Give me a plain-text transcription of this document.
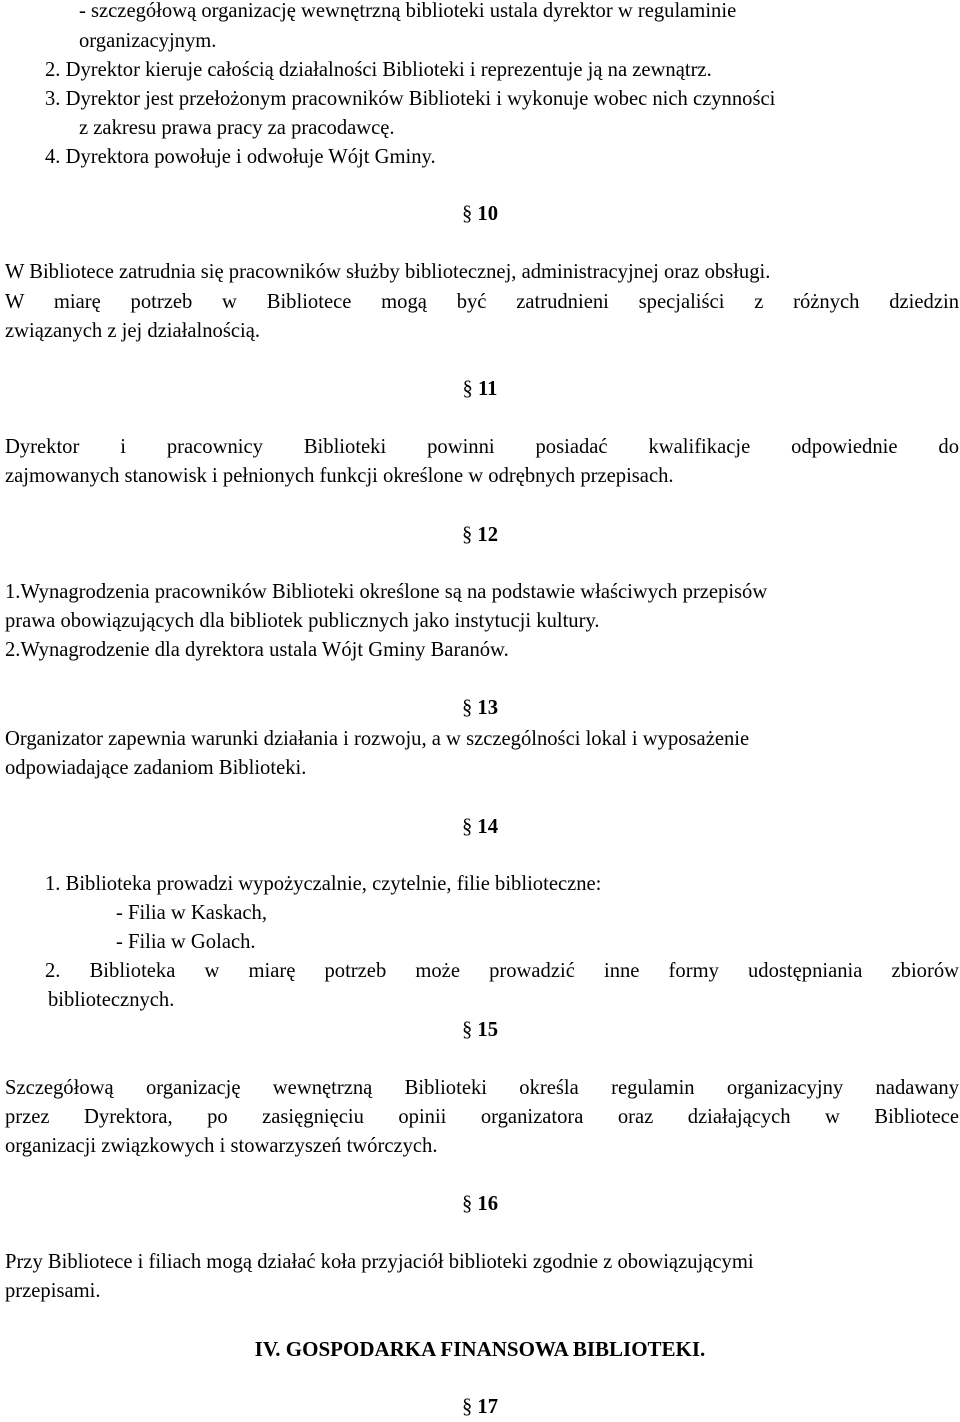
- szczegółową organizację wewnętrzną biblioteki ustala dyrektor w regulaminie
organizacyjnym.
2. Dyrektor kieruje całością działalności Biblioteki i reprezentuje ją na zewnątrz.
3. Dyrektor jest przełożonym pracowników Biblioteki i wykonuje wobec nich czynności
z zakresu prawa pracy za pracodawcę.
4. Dyrektora powołuje i odwołuje Wójt Gminy.
§ 10
W Bibliotece zatrudnia się pracowników służby bibliotecznej, administracyjnej oraz obsługi.
W miarę potrzeb w Bibliotece mogą być zatrudnieni specjaliści z różnych dziedzin
związanych z jej działalnością.
§ 11
Dyrektor i pracownicy Biblioteki powinni posiadać kwalifikacje odpowiednie do
zajmowanych stanowisk i pełnionych funkcji określone w odrębnych przepisach.
§ 12
1.Wynagrodzenia pracowników Biblioteki określone są na podstawie właściwych przepisów
prawa obowiązujących dla bibliotek publicznych jako instytucji kultury.
2.Wynagrodzenie dla dyrektora ustala Wójt Gminy Baranów.
§ 13
Organizator zapewnia warunki działania i rozwoju, a w szczególności lokal i wyposażenie
odpowiadające zadaniom Biblioteki.
§ 14
1. Biblioteka prowadzi wypożyczalnie, czytelnie, filie biblioteczne:
- Filia w Kaskach,
- Filia w Golach.
2. Biblioteka w miarę potrzeb może prowadzić inne formy udostępniania zbiorów
bibliotecznych.
§ 15
Szczegółową organizację wewnętrzną Biblioteki określa regulamin organizacyjny nadawany
przez Dyrektora, po zasięgnięciu opinii organizatora oraz działających w Bibliotece
organizacji związkowych i stowarzyszeń twórczych.
§ 16
Przy Bibliotece i filiach mogą działać koła przyjaciół biblioteki zgodnie z obowiązującymi
przepisami.
IV. GOSPODARKA FINANSOWA BIBLIOTEKI.
§ 17
